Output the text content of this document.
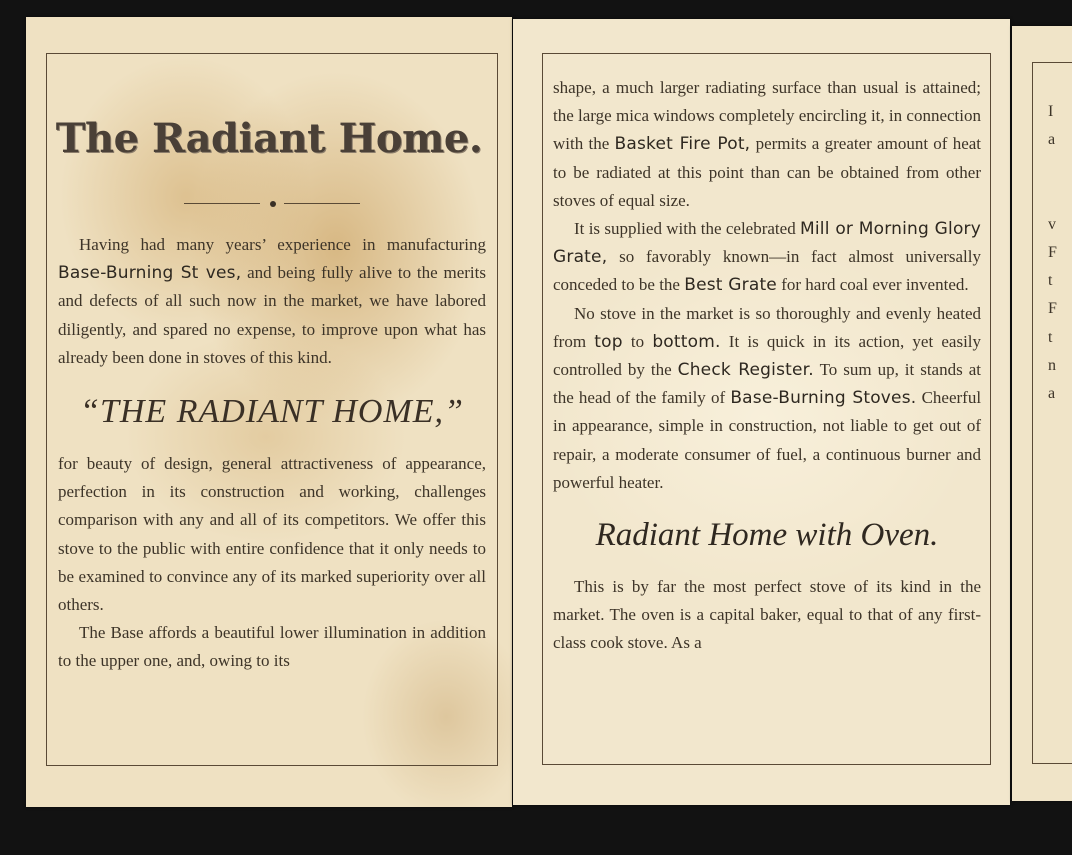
The Radiant Home.

Having had many years’ experience in manufacturing Base-Burning St ves, and being fully alive to the merits and defects of all such now in the market, we have labored diligently, and spared no expense, to improve upon what has already been done in stoves of this kind.

“THE RADIANT HOME,”

for beauty of design, general attractiveness of appearance, perfection in its construction and working, challenges comparison with any and all of its competitors. We offer this stove to the public with entire confidence that it only needs to be examined to convince any of its marked superiority over all others.

The Base affords a beautiful lower illumination in addition to the upper one, and, owing to its

shape, a much larger radiating surface than usual is attained; the large mica windows completely encircling it, in connection with the Basket Fire Pot, permits a greater amount of heat to be radiated at this point than can be obtained from other stoves of equal size.

It is supplied with the celebrated Mill or Morning Glory Grate, so favorably known—in fact almost universally conceded to be the Best Grate for hard coal ever invented.

No stove in the market is so thoroughly and evenly heated from top to bottom. It is quick in its action, yet easily controlled by the Check Register. To sum up, it stands at the head of the family of Base-Burning Stoves. Cheerful in appearance, simple in construction, not liable to get out of repair, a moderate consumer of fuel, a continuous burner and powerful heater.

Radiant Home with Oven.

This is by far the most perfect stove of its kind in the market. The oven is a capital baker, equal to that of any first-class cook stove. As a

I
a

v
F
t
F
t
n
a
